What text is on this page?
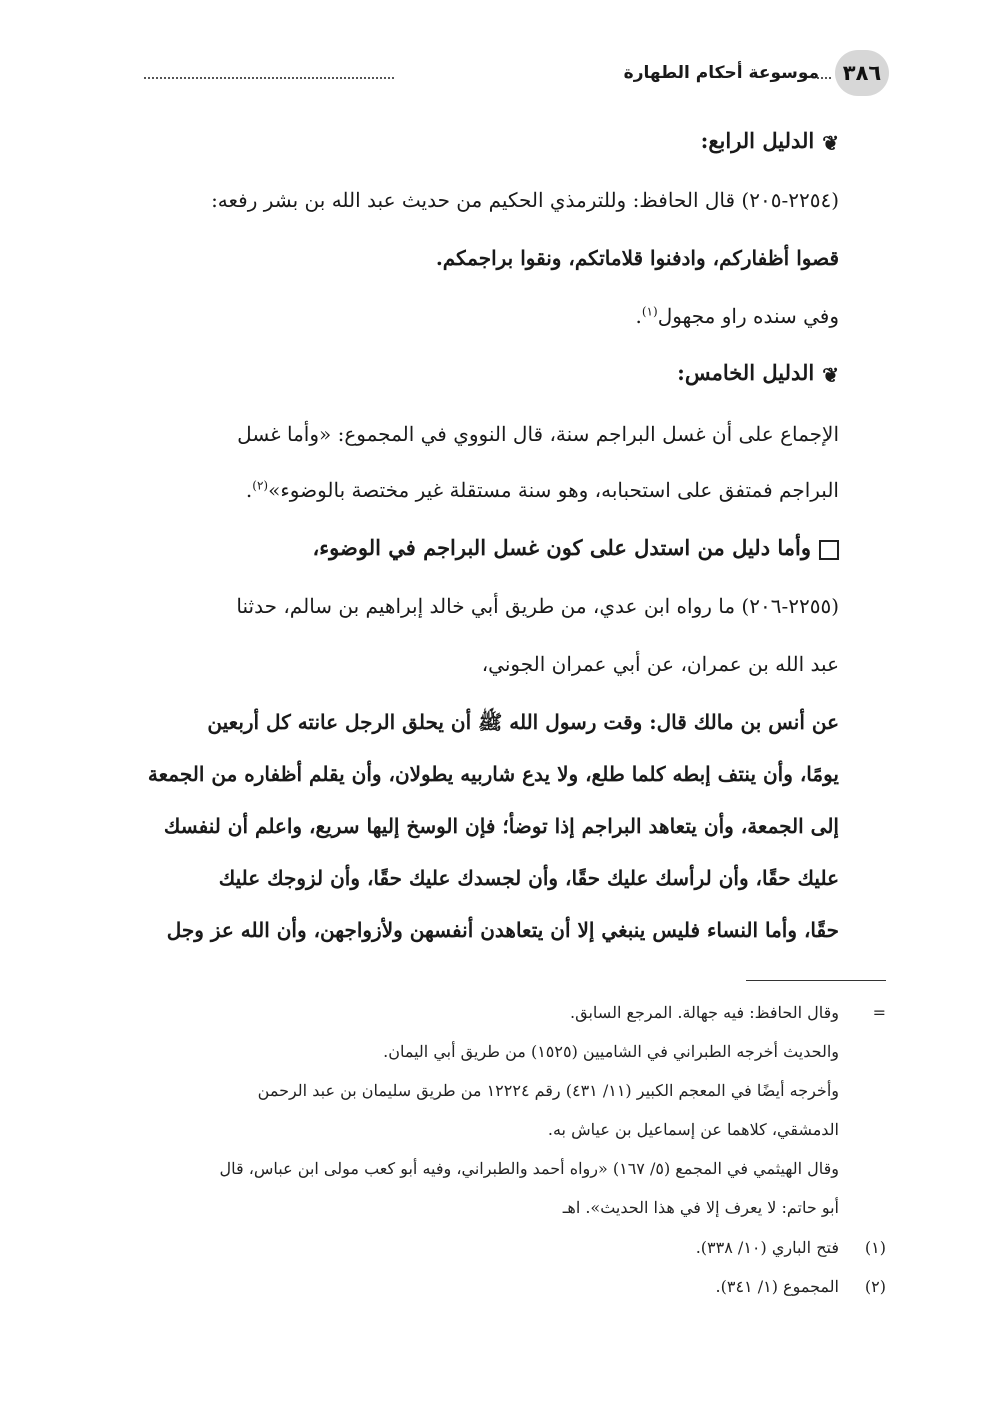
٣٨٦
موسوعة أحكام الطهارة
❦الدليل الرابع:
(٢٢٥٤-٢٠٥) قال الحافظ: وللترمذي الحكيم من حديث عبد الله بن بشر رفعه:
قصوا أظفاركم، وادفنوا قلاماتكم، ونقوا براجمكم.
وفي سنده راو مجهول$^{(١)}$.
❦الدليل الخامس:
الإجماع على أن غسل البراجم سنة، قال النووي في المجموع: «وأما غسل
البراجم فمتفق على استحبابه، وهو سنة مستقلة غير مختصة بالوضوء»$^{(٢)}$.
وأما دليل من استدل على كون غسل البراجم في الوضوء،
(٢٢٥٥-٢٠٦) ما رواه ابن عدي، من طريق أبي خالد إبراهيم بن سالم، حدثنا
عبد الله بن عمران، عن أبي عمران الجوني،
عن أنس بن مالك قال: وقت رسول الله ﷺ أن يحلق الرجل عانته كل أربعين
يومًا، وأن ينتف إبطه كلما طلع، ولا يدع شاربيه يطولان، وأن يقلم أظفاره من الجمعة
إلى الجمعة، وأن يتعاهد البراجم إذا توضأ؛ فإن الوسخ إليها سريع، واعلم أن لنفسك
عليك حقًا، وأن لرأسك عليك حقًا، وأن لجسدك عليك حقًا، وأن لزوجك عليك
حقًا، وأما النساء فليس ينبغي إلا أن يتعاهدن أنفسهن ولأزواجهن، وأن الله عز وجل
=
وقال الحافظ: فيه جهالة. المرجع السابق.
والحديث أخرجه الطبراني في الشاميين (١٥٢٥) من طريق أبي اليمان.
وأخرجه أيضًا في المعجم الكبير (١١/ ٤٣١) رقم ١٢٢٢٤ من طريق سليمان بن عبد الرحمن
الدمشقي، كلاهما عن إسماعيل بن عياش به.
وقال الهيثمي في المجمع (٥/ ١٦٧) «رواه أحمد والطبراني، وفيه أبو كعب مولى ابن عباس، قال
أبو حاتم: لا يعرف إلا في هذا الحديث». اهـ
(١)
فتح الباري (١٠/ ٣٣٨).
(٢)
المجموع (١/ ٣٤١).
